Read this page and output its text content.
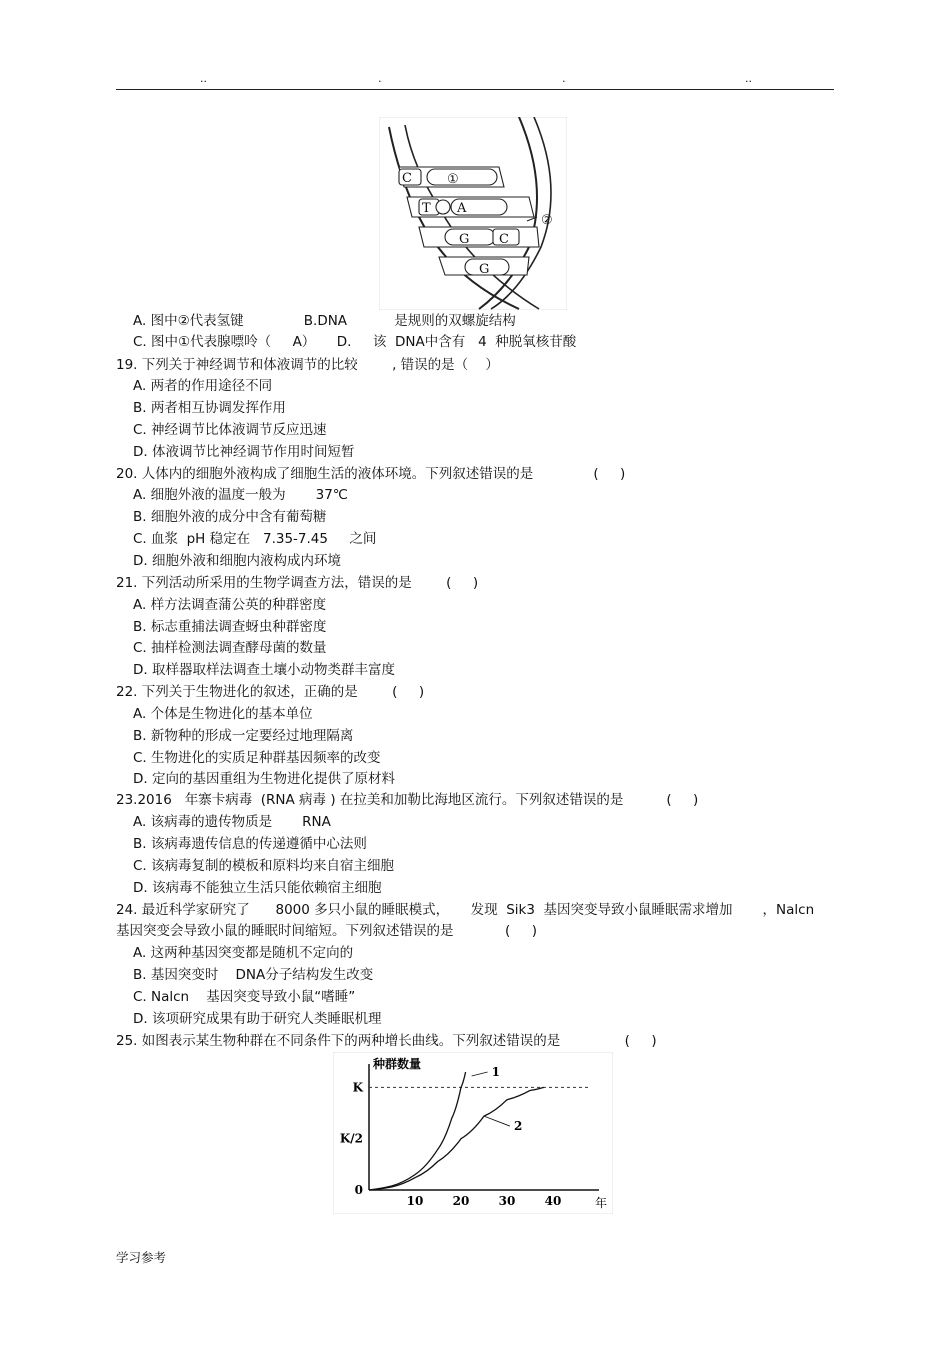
..	.	.	..
C	①
T A
②
G C
G
A. 图中②代表氢键              B.DNA           是规则的双螺旋结构
C. 图中①代表腺嘌呤（     A）     D.     该  DNA中含有   4  种脱氧核苷酸
19. 下列关于神经调节和体液调节的比较        , 错误的是（    ）
A. 两者的作用途径不同
B. 两者相互协调发挥作用
C. 神经调节比体液调节反应迅速
D. 体液调节比神经调节作用时间短暂
20. 人体内的细胞外液构成了细胞生活的液体环境。下列叙述错误的是              (     )
A. 细胞外液的温度一般为       37℃
B. 细胞外液的成分中含有葡萄糖
C. 血浆  pH 稳定在   7.35-7.45     之间
D. 细胞外液和细胞内液构成内环境
21. 下列活动所采用的生物学调查方法，错误的是        (     )
A. 样方法调查蒲公英的种群密度
B. 标志重捕法调查蚜虫种群密度
C. 抽样检测法调查酵母菌的数量
D. 取样器取样法调查土壤小动物类群丰富度
22. 下列关于生物进化的叙述，正确的是        (     )
A. 个体是生物进化的基本单位
B. 新物种的形成一定要经过地理隔离
C. 生物进化的实质足种群基因频率的改变
D. 定向的基因重组为生物进化提供了原材料
23.2016   年寨卡病毒  (RNA 病毒 ) 在拉美和加勒比海地区流行。下列叙述错误的是          (     )
A. 该病毒的遗传物质是       RNA
B. 该病毒遗传信息的传递遵循中心法则
C. 该病毒复制的模板和原料均来自宿主细胞
D. 该病毒不能独立生活只能依赖宿主细胞
24. 最近科学家研究了      8000 多只小鼠的睡眠模式，     发现  Sik3  基因突变导致小鼠睡眠需求增加       ，Nalcn
基因突变会导致小鼠的睡眠时间缩短。下列叙述错误的是            (     )
A. 这两种基因突变都是随机不定向的
B. 基因突变时    DNA分子结构发生改变
C. Nalcn    基因突变导致小鼠“嗜睡”
D. 该项研究成果有助于研究人类睡眠机理
25. 如图表示某生物种群在不同条件下的两种增长曲线。下列叙述错误的是               (     )
种群数量
年
10 20 30 40
0
K/2
K
1
2
学习参考
